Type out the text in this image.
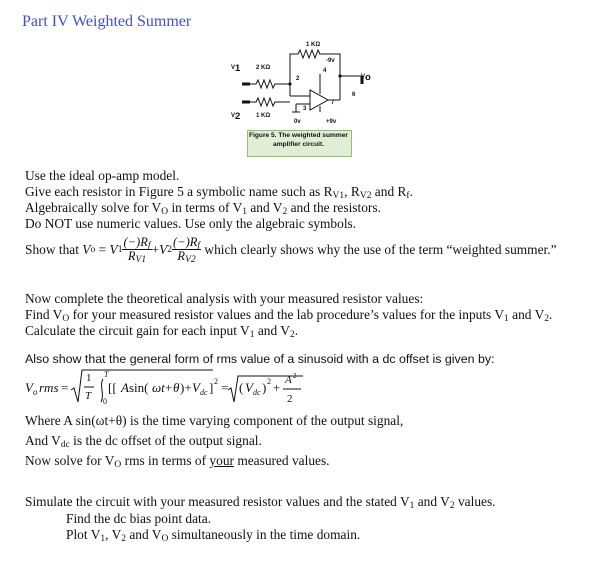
Part IV Weighted Summer
1 KΩ
-9v
$V_1$	2 KΩ	4
2	$V_o$
6
7
3
$V_2$	1 KΩ
0v	+9v
Figure 5. The weighted summer
amplifier circuit.
Use the ideal op-amp model.
Give each resistor in Figure 5 a symbolic name such as $R_{V1}$, $R_{V2}$ and $R_f$.
Algebraically solve for $V_O$ in terms of $V_1$ and $V_2$ and the resistors.
Do NOT use numeric values. Use only the algebraic symbols.
Show that
V o
=
V $1 \frac{(-)R_f}{R_{V1}} + V$ $2 \frac{(-)R_f}{R_{V2}}$
which clearly shows why the use of the term “weighted summer.”
Now complete the theoretical analysis with your measured resistor values:
Find $V_O$ for your measured resistor values and the lab procedure’s values for the inputs $V_1$ and $V_2$.
Calculate the circuit gain for each input $V_1$ and $V_2$.
Also show that the general form of rms value of a sinusoid with a dc offset is given by:
V o rms =
1
T
T
0
[[ A sin( ωt + θ )+ V dc ] 2 = ( V dc ) 2 + A 2
2
Where A sin(ωt+θ) is the time varying component of the output signal,
And $V_{dc}$ is the dc offset of the output signal.
Now solve for $V_O$ rms in terms of your measured values.
Simulate the circuit with your measured resistor values and the stated $V_1$ and $V_2$ values.
Find the dc bias point data.
Plot $V_1$, $V_2$ and $V_O$ simultaneously in the time domain.
